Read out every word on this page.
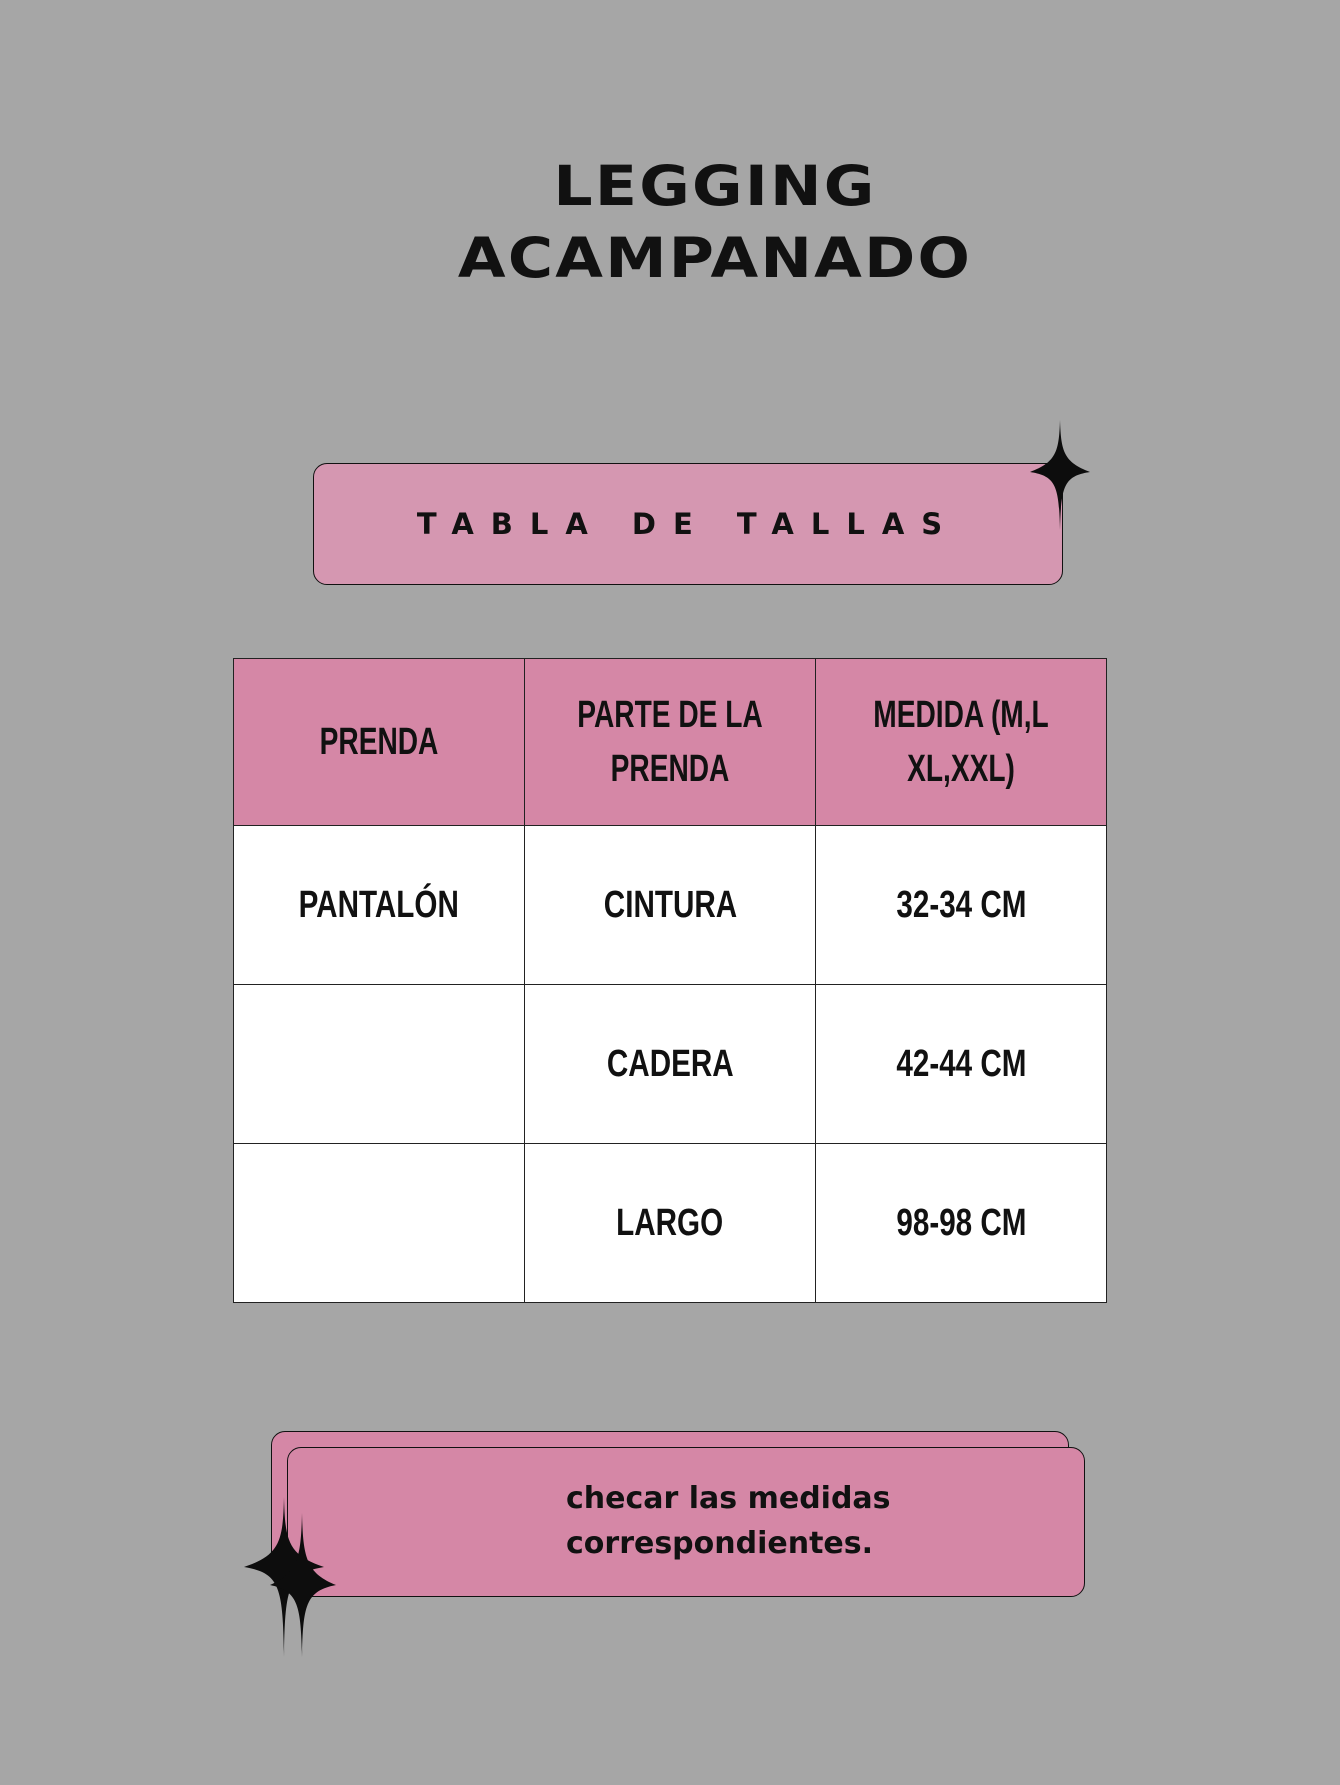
LEGGING
ACAMPANADO
TABLA DE TALLAS
PRENDA	PARTE DE LA PRENDA	MEDIDA (M,L XL,XXL)
PANTALÓN	CINTURA	32-34 CM
	CADERA	42-44 CM
	LARGO	98-98 CM

checar las medidas
correspondientes.
